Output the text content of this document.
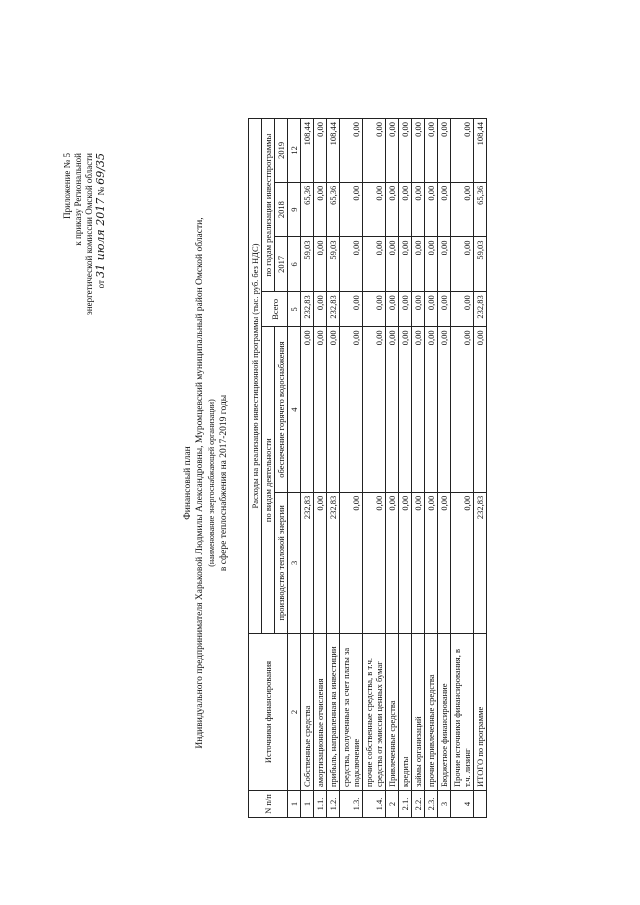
Приложение № 5 к приказу Региональной энергетической комиссии Омской области от 31 июля 2017 № 69/35
Финансовый план Индивидуального предпринимателя Харьковой Людмилы Александровны, Муромцевский муниципальный район Омской области, (наименование энергоснабжающей организации) в сфере теплоснабжения на 2017-2019 годы
N п/п	Источники финансирования	Расходы на реализацию инвестиционной программы (тыс. руб. без НДС)					
		по видам деятельности		Всего	по годам реализации инвестпрограммы		
		производство тепловой энергии	обеспечение горячего водоснабжения		2017	2018	2019
1	2	3	4	5	6	9	12
1	Собственные средства	232,83	0,00	232,83	59,03	65,36	108,44
1.1.	амортизационные отчисления	0,00	0,00	0,00	0,00	0,00	0,00
1.2.	прибыль, направленная на инвестиции	232,83	0,00	232,83	59,03	65,36	108,44
1.3.	средства, полученные за счет платы за подключение	0,00	0,00	0,00	0,00	0,00	0,00
1.4.	прочие собственные средства, в т.ч. средства от эмиссии ценных бумаг	0,00	0,00	0,00	0,00	0,00	0,00
2	Привлеченные средства	0,00	0,00	0,00	0,00	0,00	0,00
2.1.	кредиты	0,00	0,00	0,00	0,00	0,00	0,00
2.2.	займы организаций	0,00	0,00	0,00	0,00	0,00	0,00
2.3.	прочие привлеченные средства	0,00	0,00	0,00	0,00	0,00	0,00
3	Бюджетное финансирование	0,00	0,00	0,00	0,00	0,00	0,00
4	Прочие источники финансирования, в т.ч. лизинг	0,00	0,00	0,00	0,00	0,00	0,00
	ИТОГО по программе	232,83	0,00	232,83	59,03	65,36	108,44
